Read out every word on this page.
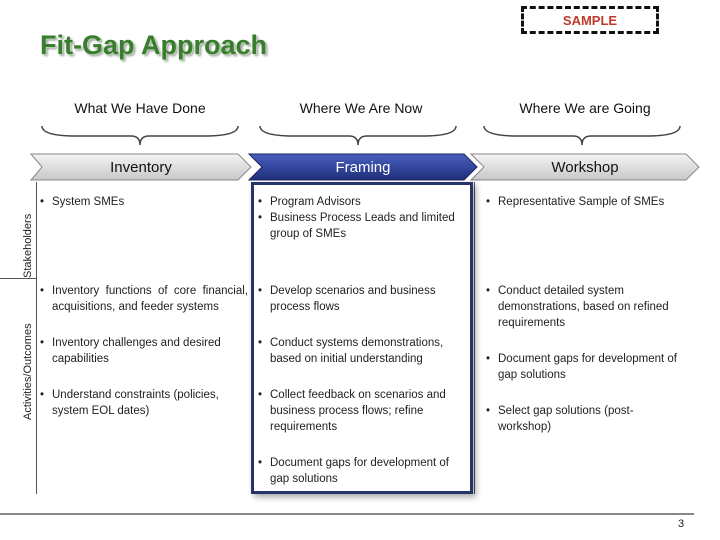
SAMPLE
Fit-Gap Approach
What We Have Done	Where We Are Now	Where We are Going
Inventory	Framing	Workshop
Stakeholders
Activities/Outcomes
• System SMEs
•	Program Advisors
• Business Process Leads and limited group of SMEs
• Representative Sample of SMEs
• Inventory functions of core financial, acquisitions, and feeder systems
• Inventory challenges and desired capabilities
• Understand constraints (policies, system EOL dates)
• Develop scenarios and business process flows
• Conduct systems demonstrations, based on initial understanding
• Collect feedback on scenarios and business process flows; refine requirements
• Document gaps for development of gap solutions
• Conduct detailed system demonstrations, based on refined requirements
• Document gaps for development of gap solutions
• Select gap solutions (post-workshop)
3
